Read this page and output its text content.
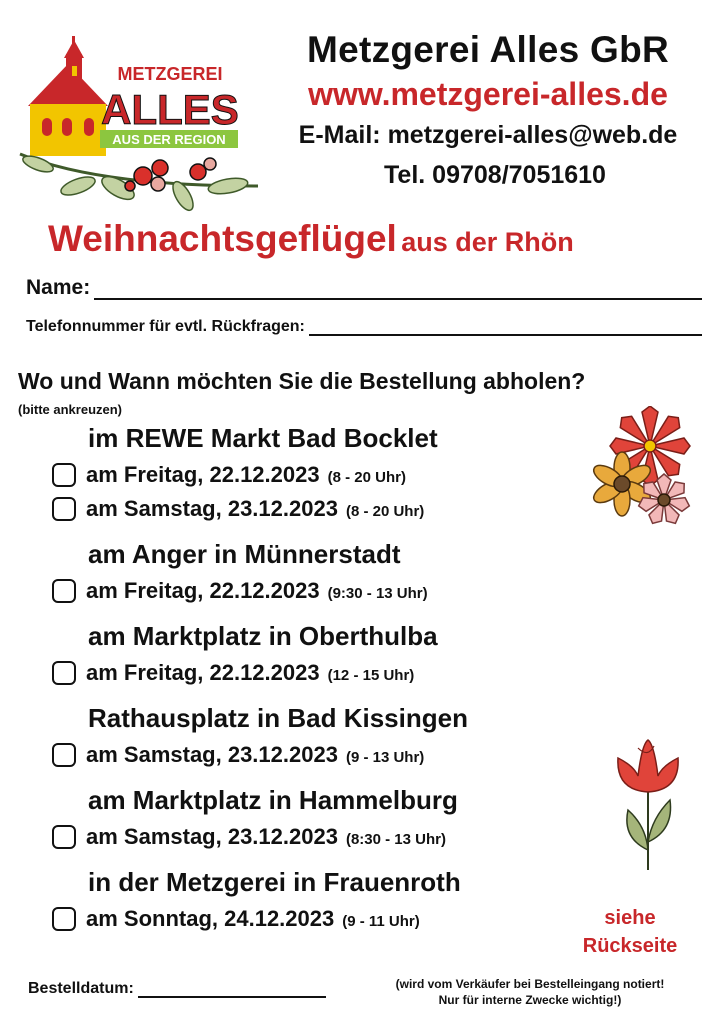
AUS DER REGION
METZGEREI
ALLES
Metzgerei Alles GbR
www.metzgerei-alles.de
E-Mail: metzgerei-alles@web.de
Tel. 09708/7051610
Weihnachtsgeflügel aus der Rhön
Name:
Telefonnummer für evtl. Rückfragen:
Wo und Wann möchten Sie die Bestellung abholen?
(bitte ankreuzen)
im REWE Markt Bad Bocklet
am Freitag, 22.12.2023 (8 - 20 Uhr)
am Samstag, 23.12.2023 (8 - 20 Uhr)
am Anger in Münnerstadt
am Freitag, 22.12.2023 (9:30 - 13 Uhr)
am Marktplatz in Oberthulba
am Freitag, 22.12.2023 (12 - 15 Uhr)
Rathausplatz in Bad Kissingen
am Samstag, 23.12.2023 (9 - 13 Uhr)
am Marktplatz in Hammelburg
am Samstag, 23.12.2023 (8:30 - 13 Uhr)
in der Metzgerei in Frauenroth
am Sonntag, 24.12.2023 (9 - 11 Uhr)	siehe
Rückseite
Bestelldatum:	(wird vom Verkäufer bei Bestelleingang notiert!
Nur für interne Zwecke wichtig!)
